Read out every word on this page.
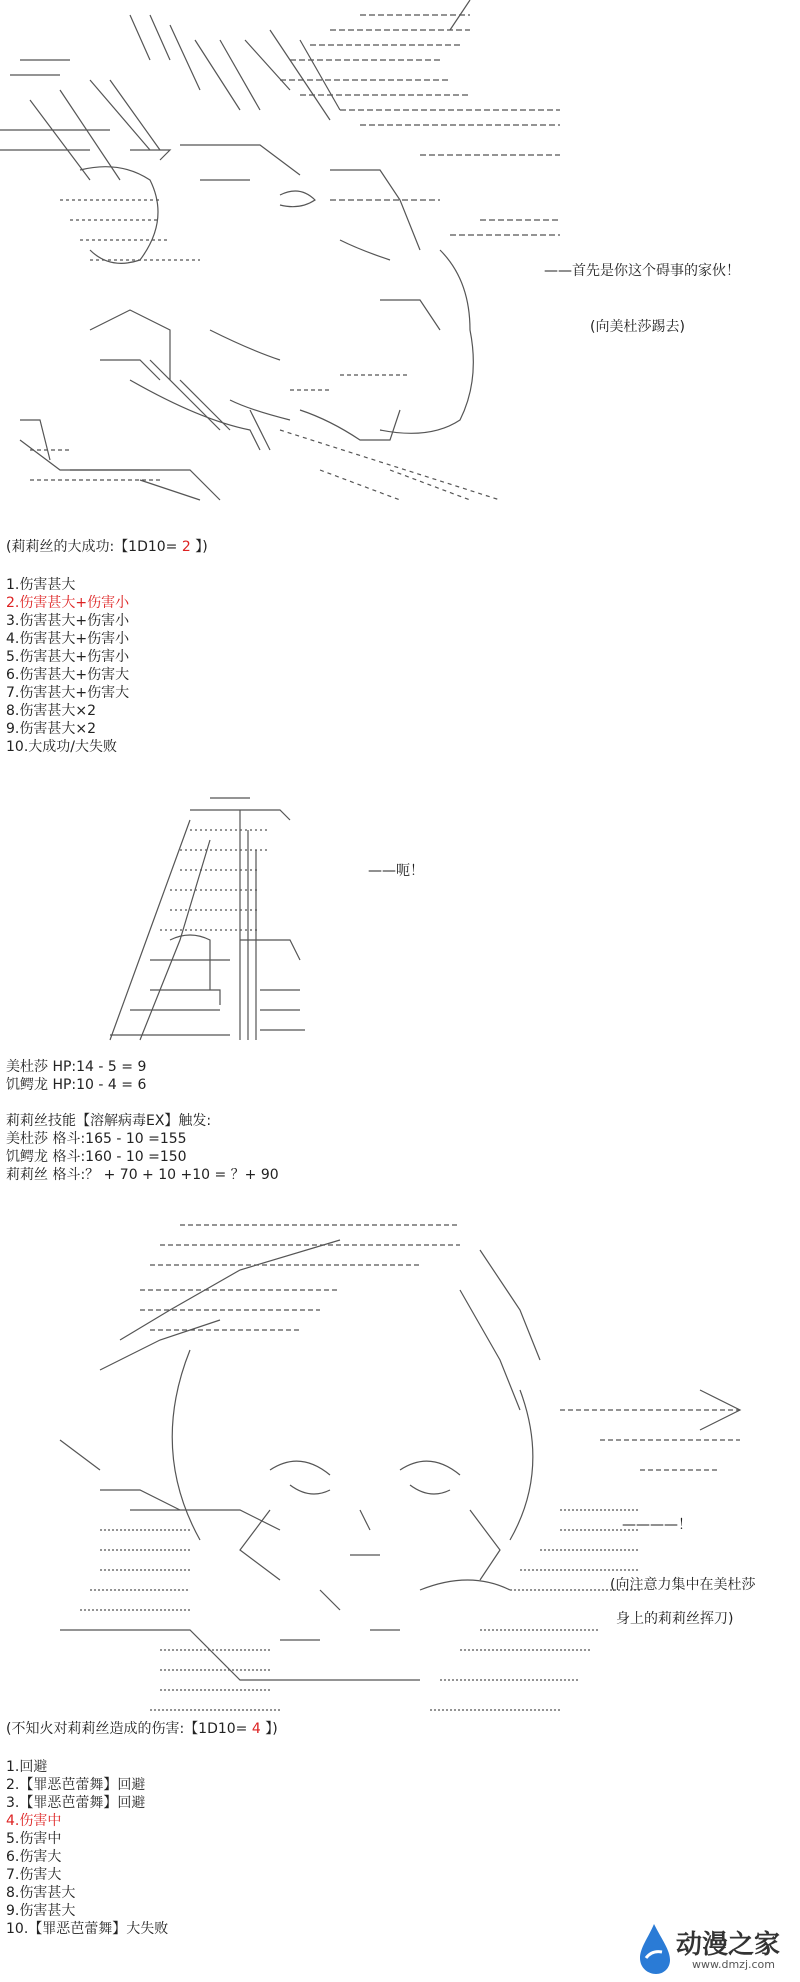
——首先是你这个碍事的家伙！
(向美杜莎踢去)
(莉莉丝的大成功:【1D10= 2 】)
1.伤害甚大
2.伤害甚大+伤害小
3.伤害甚大+伤害小
4.伤害甚大+伤害小
5.伤害甚大+伤害小
6.伤害甚大+伤害大
7.伤害甚大+伤害大
8.伤害甚大×2
9.伤害甚大×2
10.大成功/大失败
——呃！
美杜莎 HP:14 - 5 = 9
饥鳄龙 HP:10 - 4 = 6
莉莉丝技能【溶解病毒EX】触发:
美杜莎 格斗:165 - 10 =155
饥鳄龙 格斗:160 - 10 =150
莉莉丝 格斗:？ + 70 + 10 +10 = ？+ 90
————！
(向注意力集中在美杜莎
身上的莉莉丝挥刀)
(不知火对莉莉丝造成的伤害:【1D10= 4 】)
1.回避
2.【罪恶芭蕾舞】回避
3.【罪恶芭蕾舞】回避
4.伤害中
5.伤害中
6.伤害大
7.伤害大
8.伤害甚大
9.伤害甚大
10.【罪恶芭蕾舞】大失败
动漫之家
www.dmzj.com
